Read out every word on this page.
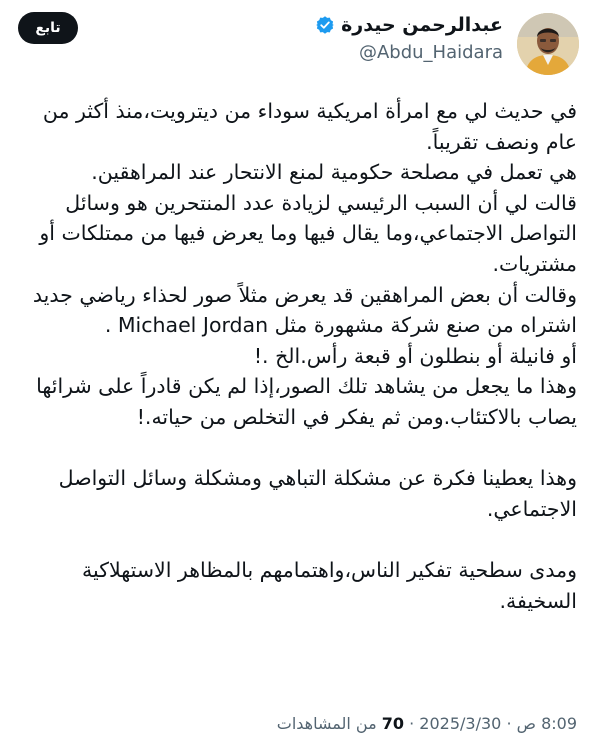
عبدالرحمن حيدرة
@Abdu_Haidara
تابع

في حديث لي مع امرأة امريكية سوداء من ديترويت،منذ أكثر من عام ونصف تقريباً.

هي تعمل في مصلحة حكومية لمنع الانتحار عند المراهقين.

قالت لي أن السبب الرئيسي لزيادة عدد المنتحرين هو وسائل التواصل الاجتماعي،وما يقال فيها وما يعرض فيها من ممتلكات أو مشتريات.

وقالت أن بعض المراهقين قد يعرض مثلاً صور لحذاء رياضي جديد اشتراه من صنع شركة مشهورة مثل Michael Jordan .

أو فانيلة أو بنطلون أو قبعة رأس.الخ .!

وهذا ما يجعل من يشاهد تلك الصور،إذا لم يكن قادراً على شرائها يصاب بالاكتئاب.ومن ثم يفكر في التخلص من حياته.!

وهذا يعطينا فكرة عن مشكلة التباهي ومشكلة وسائل التواصل الاجتماعي.

ومدى سطحية تفكير الناس،واهتمامهم بالمظاهر الاستهلاكية السخيفة.

8:09 ص · 2025/3/30 · 70 من المشاهدات
